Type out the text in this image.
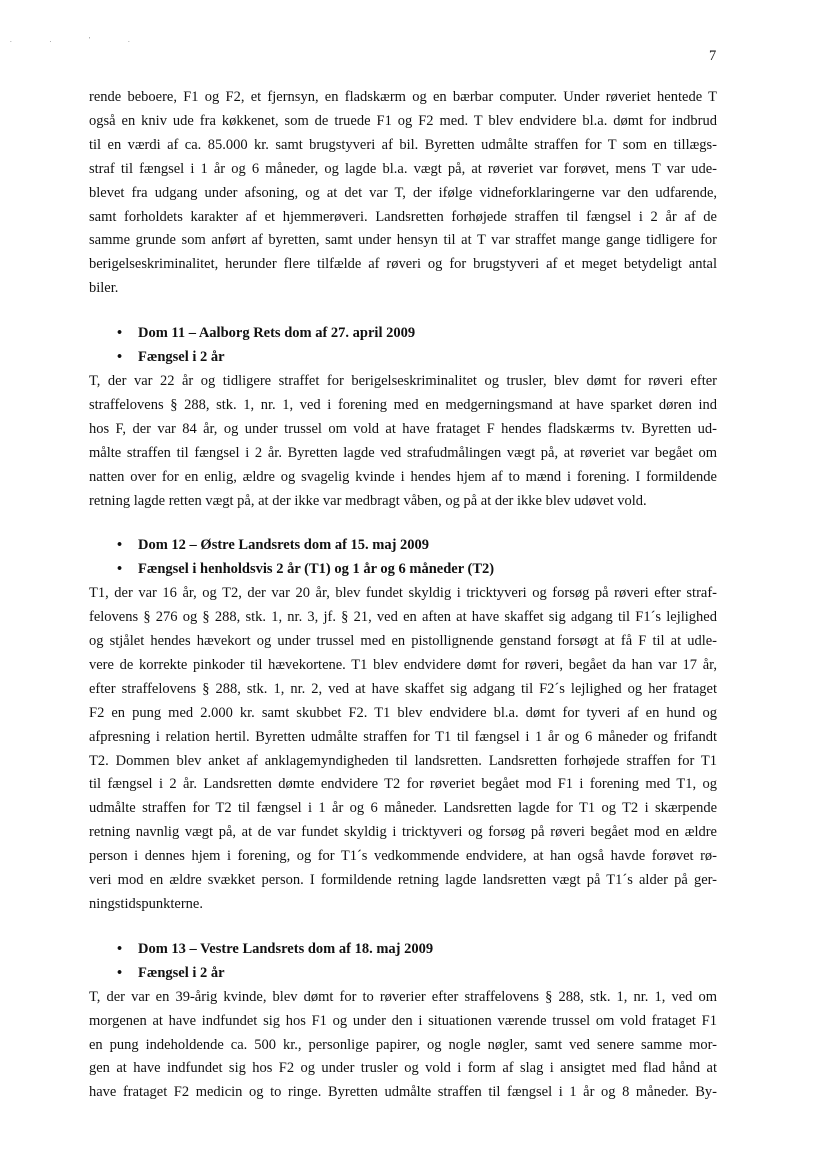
. . ' .
7
rende beboere, F1 og F2, et fjernsyn, en fladskærm og en bærbar computer. Under røveriet hentede T
også en kniv ude fra køkkenet, som de truede F1 og F2 med. T blev endvidere bl.a. dømt for indbrud
til en værdi af ca. 85.000 kr. samt brugstyveri af bil. Byretten udmålte straffen for T som en tillægs-
straf til fængsel i 1 år og 6 måneder, og lagde bl.a. vægt på, at røveriet var forøvet, mens T var ude-
blevet fra udgang under afsoning, og at det var T, der ifølge vidneforklaringerne var den udfarende,
samt forholdets karakter af et hjemmerøveri. Landsretten forhøjede straffen til fængsel i 2 år af de
samme grunde som anført af byretten, samt under hensyn til at T var straffet mange gange tidligere for
berigelseskriminalitet, herunder flere tilfælde af røveri og for brugstyveri af et meget betydeligt antal
biler.
• Dom 11 – Aalborg Rets dom af 27. april 2009
• Fængsel i 2 år
T, der var 22 år og tidligere straffet for berigelseskriminalitet og trusler, blev dømt for røveri efter
straffelovens § 288, stk. 1, nr. 1, ved i forening med en medgerningsmand at have sparket døren ind
hos F, der var 84 år, og under trussel om vold at have frataget F hendes fladskærms tv. Byretten ud-
målte straffen til fængsel i 2 år. Byretten lagde ved strafudmålingen vægt på, at røveriet var begået om
natten over for en enlig, ældre og svagelig kvinde i hendes hjem af to mænd i forening. I formildende
retning lagde retten vægt på, at der ikke var medbragt våben, og på at der ikke blev udøvet vold.
• Dom 12 – Østre Landsrets dom af 15. maj 2009
• Fængsel i henholdsvis 2 år (T1) og 1 år og 6 måneder (T2)
T1, der var 16 år, og T2, der var 20 år, blev fundet skyldig i tricktyveri og forsøg på røveri efter straf-
felovens § 276 og § 288, stk. 1, nr. 3, jf. § 21, ved en aften at have skaffet sig adgang til F1´s lejlighed
og stjålet hendes hævekort og under trussel med en pistollignende genstand forsøgt at få F til at udle-
vere de korrekte pinkoder til hævekortene. T1 blev endvidere dømt for røveri, begået da han var 17 år,
efter straffelovens § 288, stk. 1, nr. 2, ved at have skaffet sig adgang til F2´s lejlighed og her frataget
F2 en pung med 2.000 kr. samt skubbet F2. T1 blev endvidere bl.a. dømt for tyveri af en hund og
afpresning i relation hertil. Byretten udmålte straffen for T1 til fængsel i 1 år og 6 måneder og frifandt
T2. Dommen blev anket af anklagemyndigheden til landsretten. Landsretten forhøjede straffen for T1
til fængsel i 2 år. Landsretten dømte endvidere T2 for røveriet begået mod F1 i forening med T1, og
udmålte straffen for T2 til fængsel i 1 år og 6 måneder. Landsretten lagde for T1 og T2 i skærpende
retning navnlig vægt på, at de var fundet skyldig i tricktyveri og forsøg på røveri begået mod en ældre
person i dennes hjem i forening, og for T1´s vedkommende endvidere, at han også havde forøvet rø-
veri mod en ældre svækket person. I formildende retning lagde landsretten vægt på T1´s alder på ger-
ningstidspunkterne.
• Dom 13 – Vestre Landsrets dom af 18. maj 2009
• Fængsel i 2 år
T, der var en 39-årig kvinde, blev dømt for to røverier efter straffelovens § 288, stk. 1, nr. 1, ved om
morgenen at have indfundet sig hos F1 og under den i situationen værende trussel om vold frataget F1
en pung indeholdende ca. 500 kr., personlige papirer, og nogle nøgler, samt ved senere samme mor-
gen at have indfundet sig hos F2 og under trusler og vold i form af slag i ansigtet med flad hånd at
have frataget F2 medicin og to ringe. Byretten udmålte straffen til fængsel i 1 år og 8 måneder. By-
